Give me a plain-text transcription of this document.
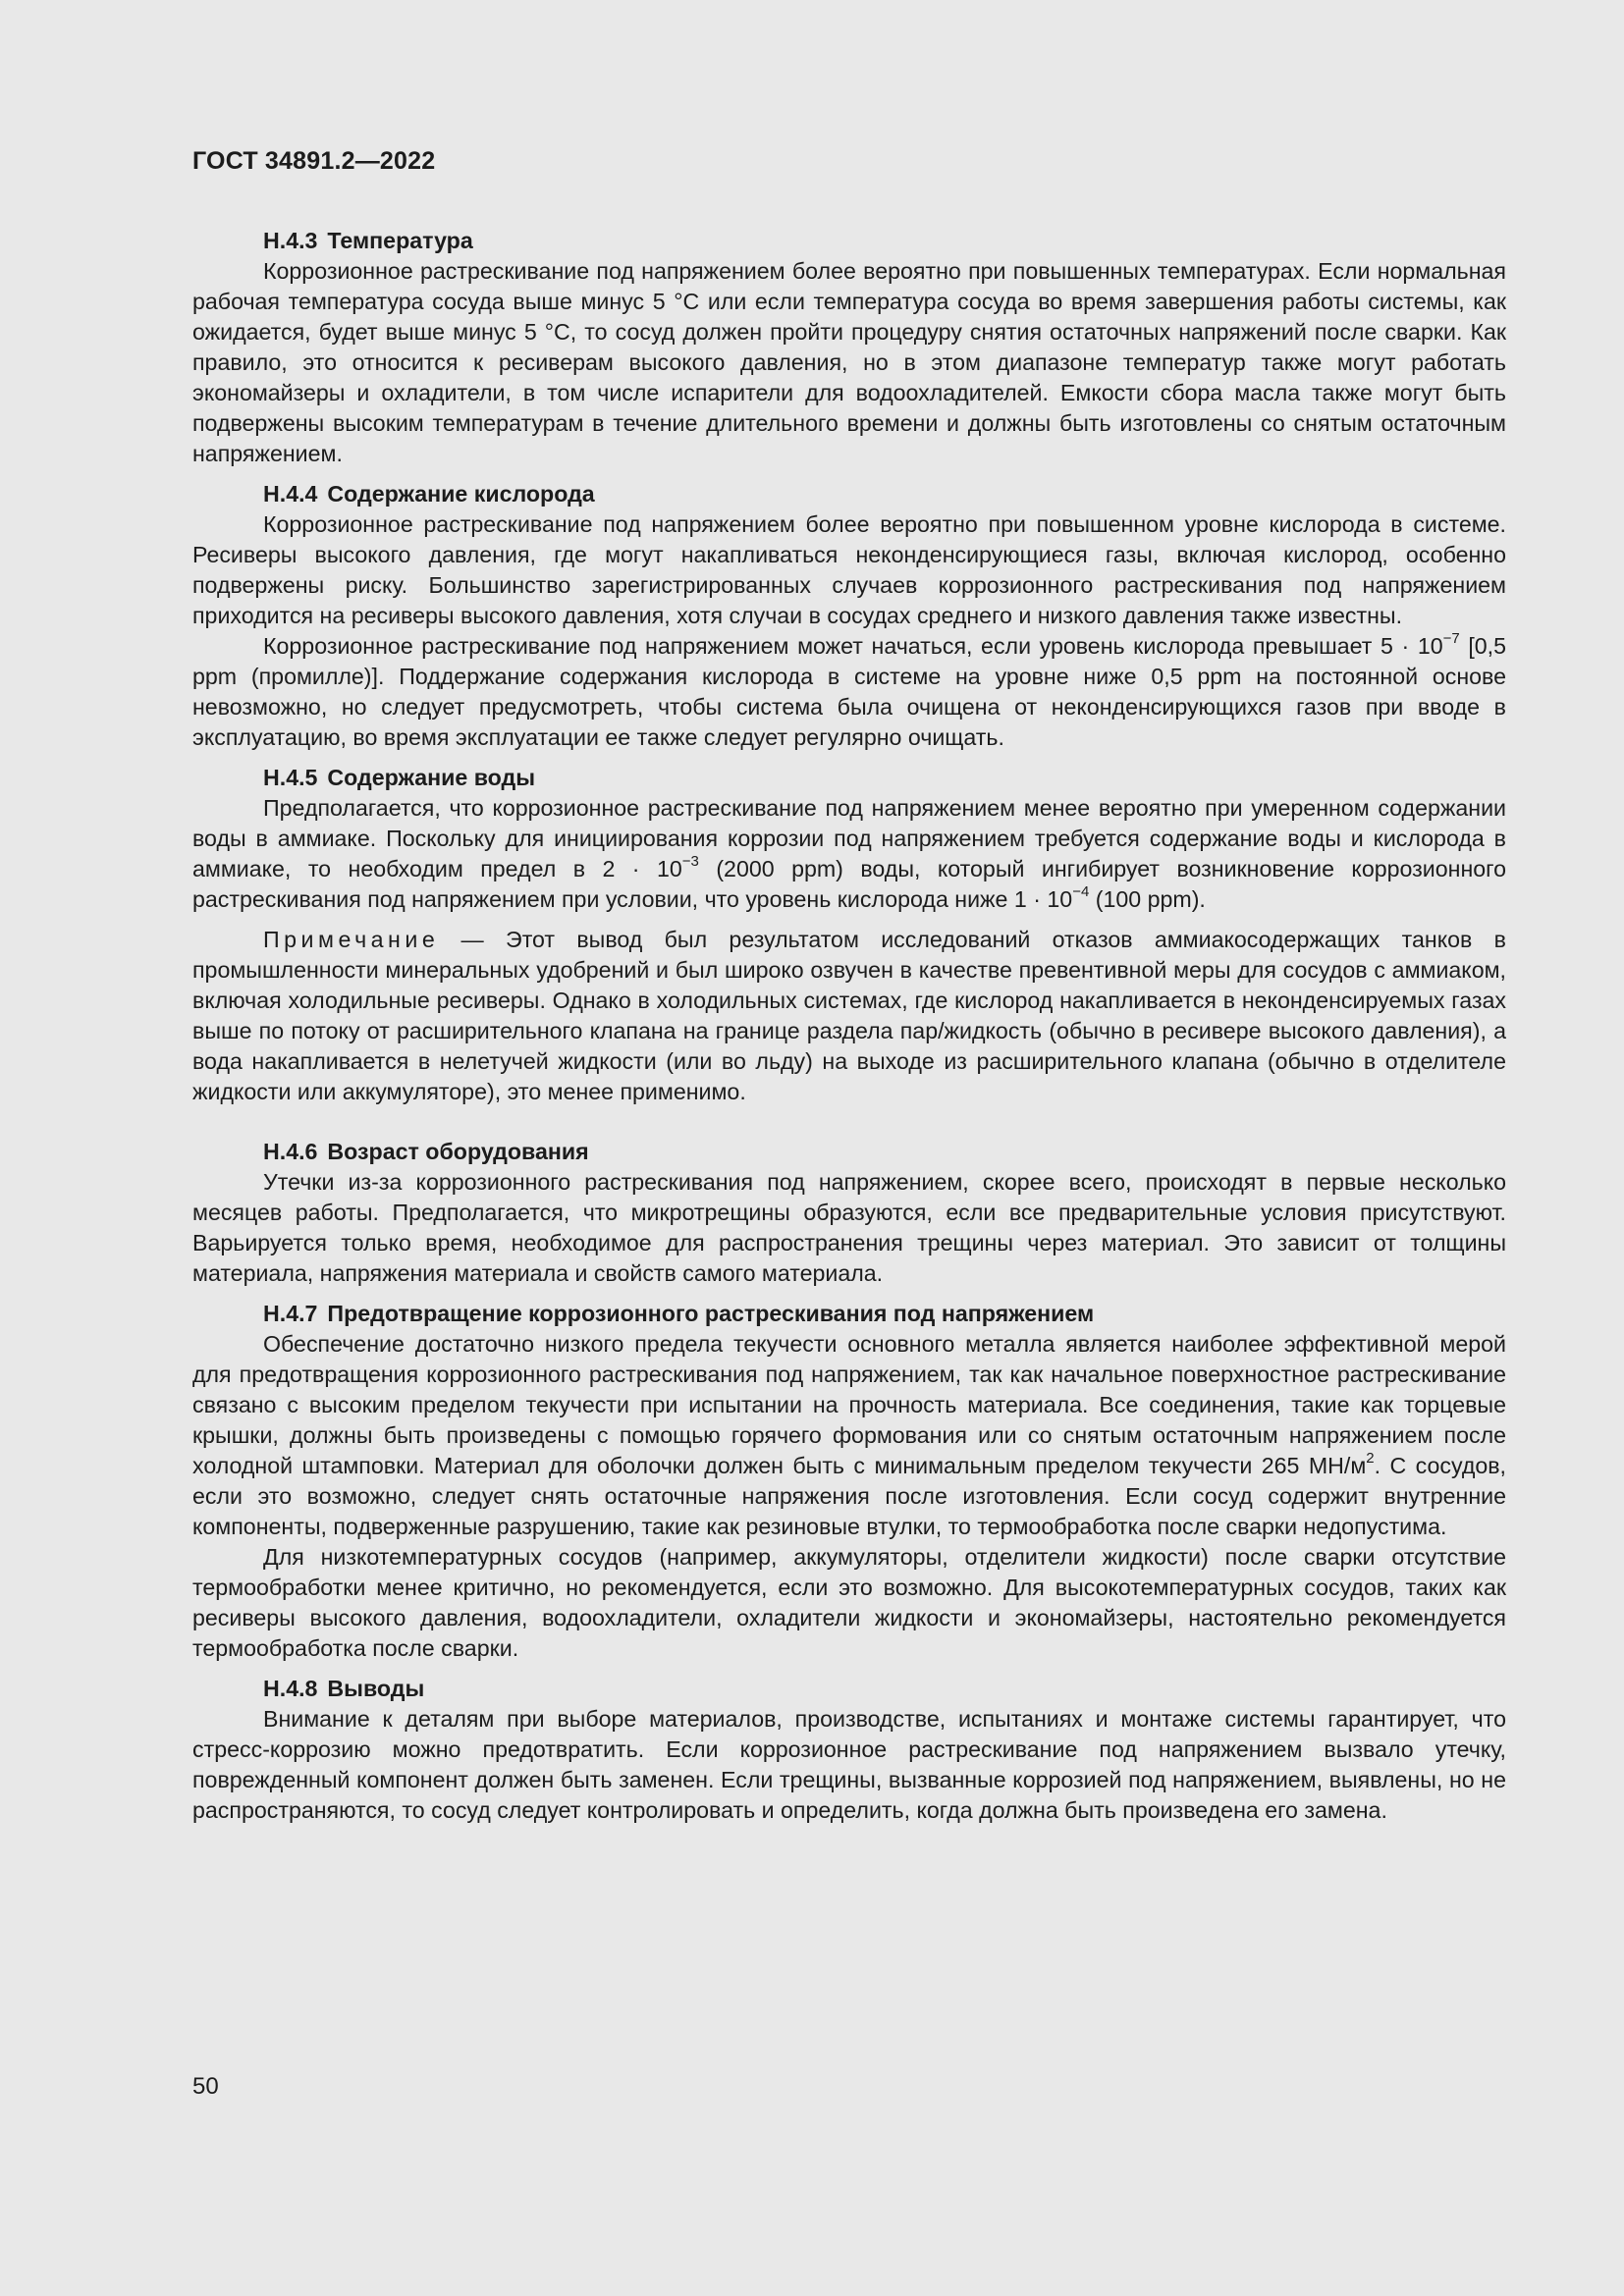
ГОСТ 34891.2—2022
H.4.3 Температура

Коррозионное растрескивание под напряжением более вероятно при повышенных температурах. Если нормальная рабочая температура сосуда выше минус 5 °С или если температура сосуда во время завершения работы системы, как ожидается, будет выше минус 5 °С, то сосуд должен пройти процедуру снятия остаточных напряжений после сварки. Как правило, это относится к ресиверам высокого давления, но в этом диапазоне температур также могут работать экономайзеры и охладители, в том числе испарители для водоохладителей. Емкости сбора масла также могут быть подвержены высоким температурам в течение длительного времени и должны быть изготовлены со снятым остаточным напряжением.

H.4.4 Содержание кислорода

Коррозионное растрескивание под напряжением более вероятно при повышенном уровне кислорода в системе. Ресиверы высокого давления, где могут накапливаться неконденсирующиеся газы, включая кислород, особенно подвержены риску. Большинство зарегистрированных случаев коррозионного растрескивания под напряжением приходится на ресиверы высокого давления, хотя случаи в сосудах среднего и низкого давления также известны.

Коррозионное растрескивание под напряжением может начаться, если уровень кислорода превышает $5 \cdot 10^{-7}$ [0,5 ppm (промилле)]. Поддержание содержания кислорода в системе на уровне ниже 0,5 ppm на постоянной основе невозможно, но следует предусмотреть, чтобы система была очищена от неконденсирующихся газов при вводе в эксплуатацию, во время эксплуатации ее также следует регулярно очищать.

H.4.5 Содержание воды

Предполагается, что коррозионное растрескивание под напряжением менее вероятно при умеренном содержании воды в аммиаке. Поскольку для инициирования коррозии под напряжением требуется содержание воды и кислорода в аммиаке, то необходим предел в $2 \cdot 10^{-3}$ (2000 ppm) воды, который ингибирует возникновение коррозионного растрескивания под напряжением при условии, что уровень кислорода ниже $1 \cdot 10^{-4}$ (100 ppm).

Примечание — Этот вывод был результатом исследований отказов аммиакосодержащих танков в промышленности минеральных удобрений и был широко озвучен в качестве превентивной меры для сосудов с аммиаком, включая холодильные ресиверы. Однако в холодильных системах, где кислород накапливается в неконденсируемых газах выше по потоку от расширительного клапана на границе раздела пар/жидкость (обычно в ресивере высокого давления), а вода накапливается в нелетучей жидкости (или во льду) на выходе из расширительного клапана (обычно в отделителе жидкости или аккумуляторе), это менее применимо.

H.4.6 Возраст оборудования

Утечки из-за коррозионного растрескивания под напряжением, скорее всего, происходят в первые несколько месяцев работы. Предполагается, что микротрещины образуются, если все предварительные условия присутствуют. Варьируется только время, необходимое для распространения трещины через материал. Это зависит от толщины материала, напряжения материала и свойств самого материала.

H.4.7 Предотвращение коррозионного растрескивания под напряжением

Обеспечение достаточно низкого предела текучести основного металла является наиболее эффективной мерой для предотвращения коррозионного растрескивания под напряжением, так как начальное поверхностное растрескивание связано с высоким пределом текучести при испытании на прочность материала. Все соединения, такие как торцевые крышки, должны быть произведены с помощью горячего формования или со снятым остаточным напряжением после холодной штамповки. Материал для оболочки должен быть с минимальным пределом текучести 265 $МН/м^2$. С сосудов, если это возможно, следует снять остаточные напряжения после изготовления. Если сосуд содержит внутренние компоненты, подверженные разрушению, такие как резиновые втулки, то термообработка после сварки недопустима.

Для низкотемпературных сосудов (например, аккумуляторы, отделители жидкости) после сварки отсутствие термообработки менее критично, но рекомендуется, если это возможно. Для высокотемпературных сосудов, таких как ресиверы высокого давления, водоохладители, охладители жидкости и экономайзеры, настоятельно рекомендуется термообработка после сварки.

H.4.8 Выводы

Внимание к деталям при выборе материалов, производстве, испытаниях и монтаже системы гарантирует, что стресс-коррозию можно предотвратить. Если коррозионное растрескивание под напряжением вызвало утечку, поврежденный компонент должен быть заменен. Если трещины, вызванные коррозией под напряжением, выявлены, но не распространяются, то сосуд следует контролировать и определить, когда должна быть произведена его замена.

50
